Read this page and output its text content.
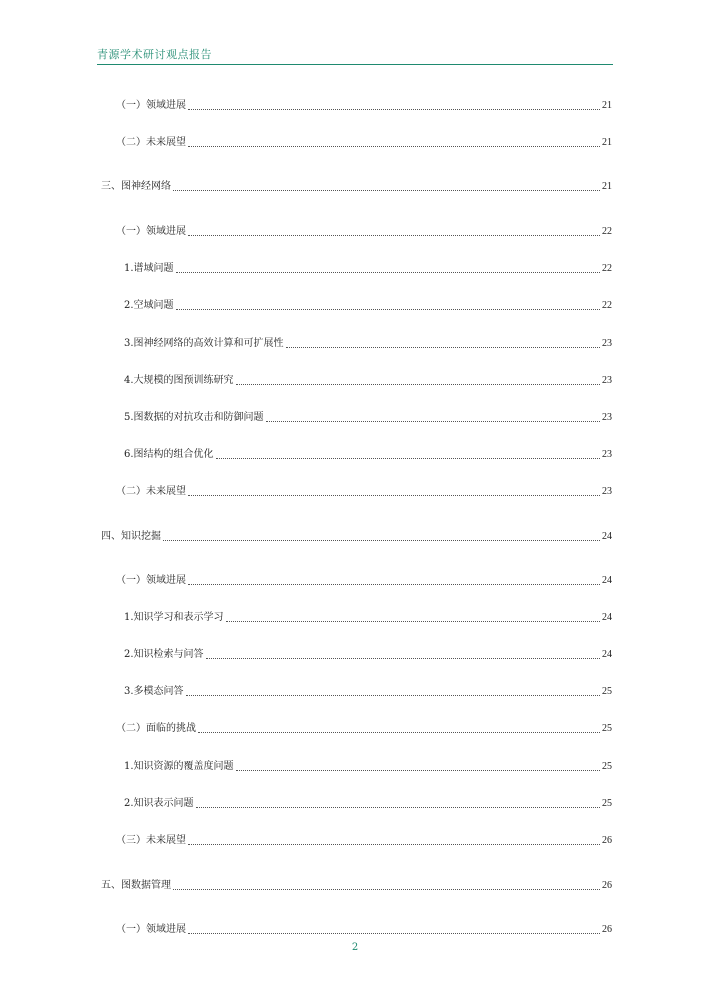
青源学术研讨观点报告
（一）领域进展	21
（二）未来展望	21
三、图神经网络	21
（一）领域进展	22
1.谱域问题	22
2.空域问题	22
3.图神经网络的高效计算和可扩展性	23
4.大规模的图预训练研究	23
5.图数据的对抗攻击和防御问题	23
6.图结构的组合优化	23
（二）未来展望	23
四、知识挖掘	24
（一）领域进展	24
1.知识学习和表示学习	24
2.知识检索与问答	24
3.多模态问答	25
（二）面临的挑战	25
1.知识资源的覆盖度问题	25
2.知识表示问题	25
（三）未来展望	26
五、图数据管理	26
（一）领域进展	26
2
